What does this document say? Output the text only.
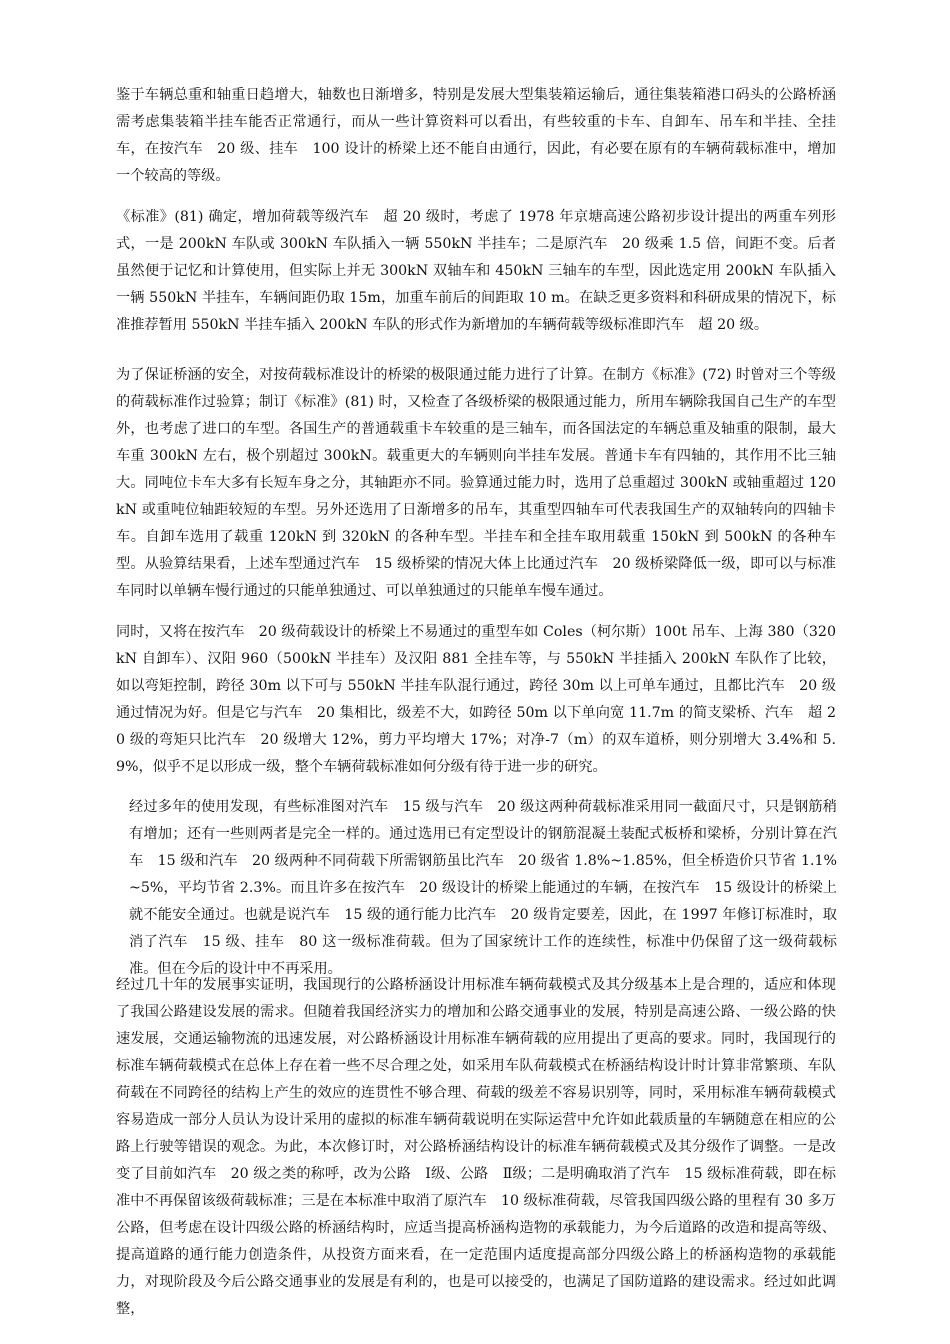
鉴于车辆总重和轴重日趋增大，轴数也日渐增多，特别是发展大型集装箱运输后，通往集装箱港口码头的公路桥涵需考虑集装箱半挂车能否正常通行，而从一些计算资料可以看出，有些较重的卡车、自卸车、吊车和半挂、全挂车，在按汽车　20 级、挂车　100 设计的桥梁上还不能自由通行，因此，有必要在原有的车辆荷载标准中，增加一个较高的等级。

《标准》(81) 确定，增加荷载等级汽车　超 20 级时，考虑了 1978 年京塘高速公路初步设计提出的两重车列形式，一是 200kN 车队或 300kN 车队插入一辆 550kN 半挂车；二是原汽车　20 级乘 1.5 倍，间距不变。后者虽然便于记忆和计算使用，但实际上并无 300kN 双轴车和 450kN 三轴车的车型，因此选定用 200kN 车队插入一辆 550kN 半挂车，车辆间距仍取 15m，加重车前后的间距取 10 m。在缺乏更多资料和科研成果的情况下，标准推荐暂用 550kN 半挂车插入 200kN 车队的形式作为新增加的车辆荷载等级标准即汽车　超 20 级。

为了保证桥涵的安全，对按荷载标准设计的桥梁的极限通过能力进行了计算。在制方《标准》(72) 时曾对三个等级的荷载标准作过验算；制订《标准》(81) 时，又检查了各级桥梁的极限通过能力，所用车辆除我国自己生产的车型外，也考虑了进口的车型。各国生产的普通载重卡车较重的是三轴车，而各国法定的车辆总重及轴重的限制，最大车重 300kN 左右，极个别超过 300kN。载重更大的车辆则向半挂车发展。普通卡车有四轴的，其作用不比三轴大。同吨位卡车大多有长短车身之分，其轴距亦不同。验算通过能力时，选用了总重超过 300kN 或轴重超过 120kN 或重吨位轴距较短的车型。另外还选用了日渐增多的吊车，其重型四轴车可代表我国生产的双轴转向的四轴卡车。自卸车选用了载重 120kN 到 320kN 的各种车型。半挂车和全挂车取用载重 150kN 到 500kN 的各种车型。从验算结果看，上述车型通过汽车　15 级桥梁的情况大体上比通过汽车　20 级桥梁降低一级，即可以与标准车同时以单辆车慢行通过的只能单独通过、可以单独通过的只能单车慢车通过。

同时，又将在按汽车　20 级荷载设计的桥梁上不易通过的重型车如 Coles（柯尔斯）100t 吊车、上海 380（320kN 自卸车）、汉阳 960（500kN 半挂车）及汉阳 881 全挂车等，与 550kN 半挂插入 200kN 车队作了比较，如以弯矩控制，跨径 30m 以下可与 550kN 半挂车队混行通过，跨径 30m 以上可单车通过，且都比汽车　20 级通过情况为好。但是它与汽车　20 集相比，级差不大，如跨径 50m 以下单向宽 11.7m 的简支梁桥、汽车　超 20 级的弯矩只比汽车　20 级增大 12%，剪力平均增大 17%；对净-7（m）的双车道桥，则分别增大 3.4%和 5.9%，似乎不足以形成一级，整个车辆荷载标准如何分级有待于进一步的研究。

经过多年的使用发现，有些标准图对汽车　15 级与汽车　20 级这两种荷载标准采用同一截面尺寸，只是钢筋稍有增加；还有一些则两者是完全一样的。通过选用已有定型设计的钢筋混凝土装配式板桥和梁桥，分别计算在汽车　15 级和汽车　20 级两种不同荷载下所需钢筋虽比汽车　20 级省 1.8%~1.85%，但全桥造价只节省 1.1%~5%，平均节省 2.3%。而且许多在按汽车　20 级设计的桥梁上能通过的车辆，在按汽车　15 级设计的桥梁上就不能安全通过。也就是说汽车　15 级的通行能力比汽车　20 级肯定要差，因此，在 1997 年修订标准时，取消了汽车　15 级、挂车　80 这一级标准荷载。但为了国家统计工作的连续性，标准中仍保留了这一级荷载标准。但在今后的设计中不再采用。

经过几十年的发展事实证明，我国现行的公路桥涵设计用标准车辆荷载模式及其分级基本上是合理的，适应和体现了我国公路建设发展的需求。但随着我国经济实力的增加和公路交通事业的发展，特别是高速公路、一级公路的快速发展，交通运输物流的迅速发展，对公路桥涵设计用标准车辆荷载的应用提出了更高的要求。同时，我国现行的标准车辆荷载模式在总体上存在着一些不尽合理之处，如采用车队荷载模式在桥涵结构设计时计算非常繁琐、车队荷载在不同跨径的结构上产生的效应的连贯性不够合理、荷载的级差不容易识别等，同时，采用标准车辆荷载模式容易造成一部分人员认为设计采用的虚拟的标准车辆荷载说明在实际运营中允许如此载质量的车辆随意在相应的公路上行驶等错误的观念。为此，本次修订时，对公路桥涵结构设计的标准车辆荷载模式及其分级作了调整。一是改变了目前如汽车　20 级之类的称呼，改为公路　Ⅰ级、公路　Ⅱ级；二是明确取消了汽车　15 级标准荷载，即在标准中不再保留该级荷载标准；三是在本标准中取消了原汽车　10 级标准荷载，尽管我国四级公路的里程有 30 多万公路，但考虑在设计四级公路的桥涵结构时，应适当提高桥涵构造物的承载能力，为今后道路的改造和提高等级、提高道路的通行能力创造条件，从投资方面来看，在一定范围内适度提高部分四级公路上的桥涵构造物的承载能力，对现阶段及今后公路交通事业的发展是有利的，也是可以接受的，也满足了国防道路的建设需求。经过如此调整，
